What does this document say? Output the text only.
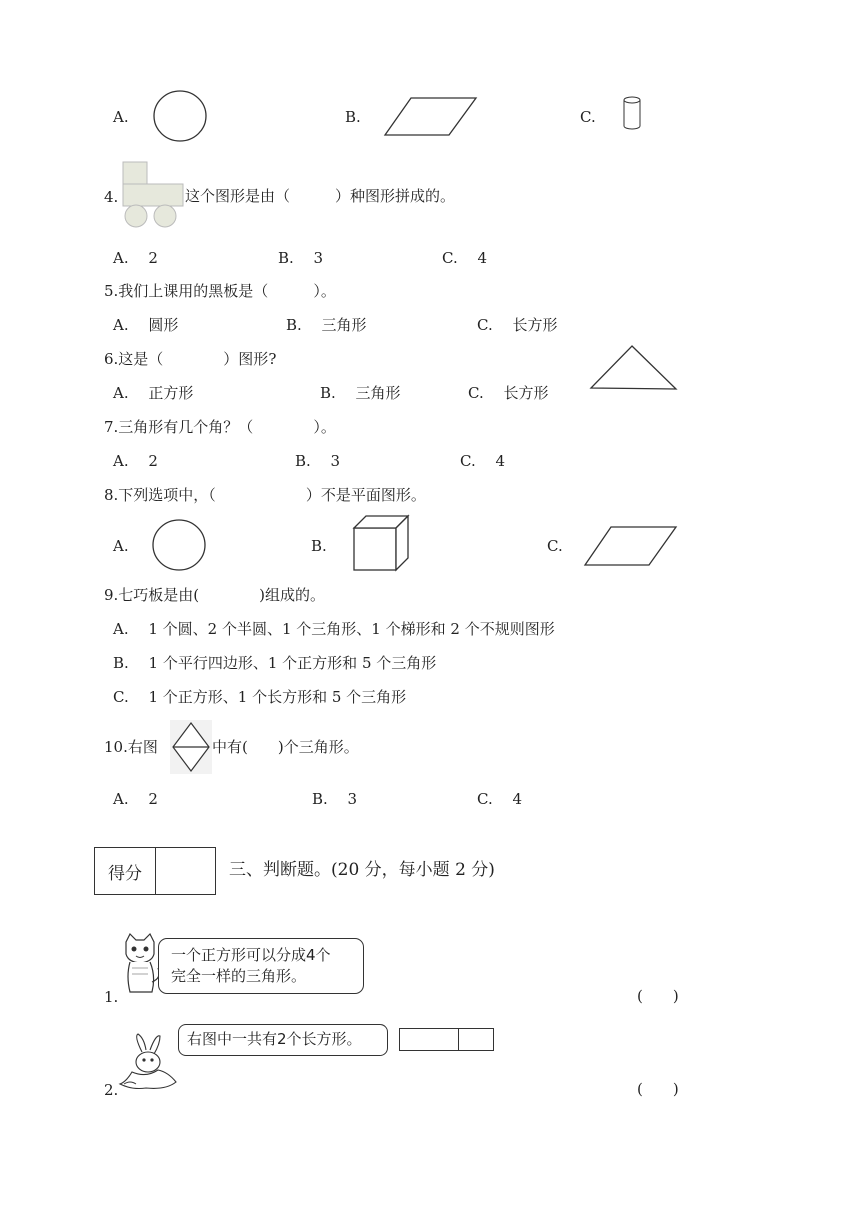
A.	B.	C.
4.	这个图形是由（　　　）种图形拼成的。
A.　 2	B.　 3	C.　 4
5.我们上课用的黑板是（　　　）。
A.　 圆形	B.　 三角形	C.　 长方形
6.这是（　　　　）图形?
A.　 正方形	B.　 三角形	C.　 长方形
7.三角形有几个角？（　　　　）。
A.　 2	B.　 3	C.　 4
8.下列选项中，（　　　　　　）不是平面图形。
A.	B.	C.
9.七巧板是由(　　　　)组成的。
A.　 1 个圆、2 个半圆、1 个三角形、1 个梯形和 2 个不规则图形
B.　 1 个平行四边形、1 个正方形和 5 个三角形
C.　 1 个正方形、1 个长方形和 5 个三角形
10.右图	中有(　　)个三角形。
A.　 2	B.　 3	C.　 4
得分	三、判断题。(20 分，每小题 2 分)
一个正方形可以分成4个
完全一样的三角形。
1.	(　　)
右图中一共有2个长方形。
2.	(　　)
